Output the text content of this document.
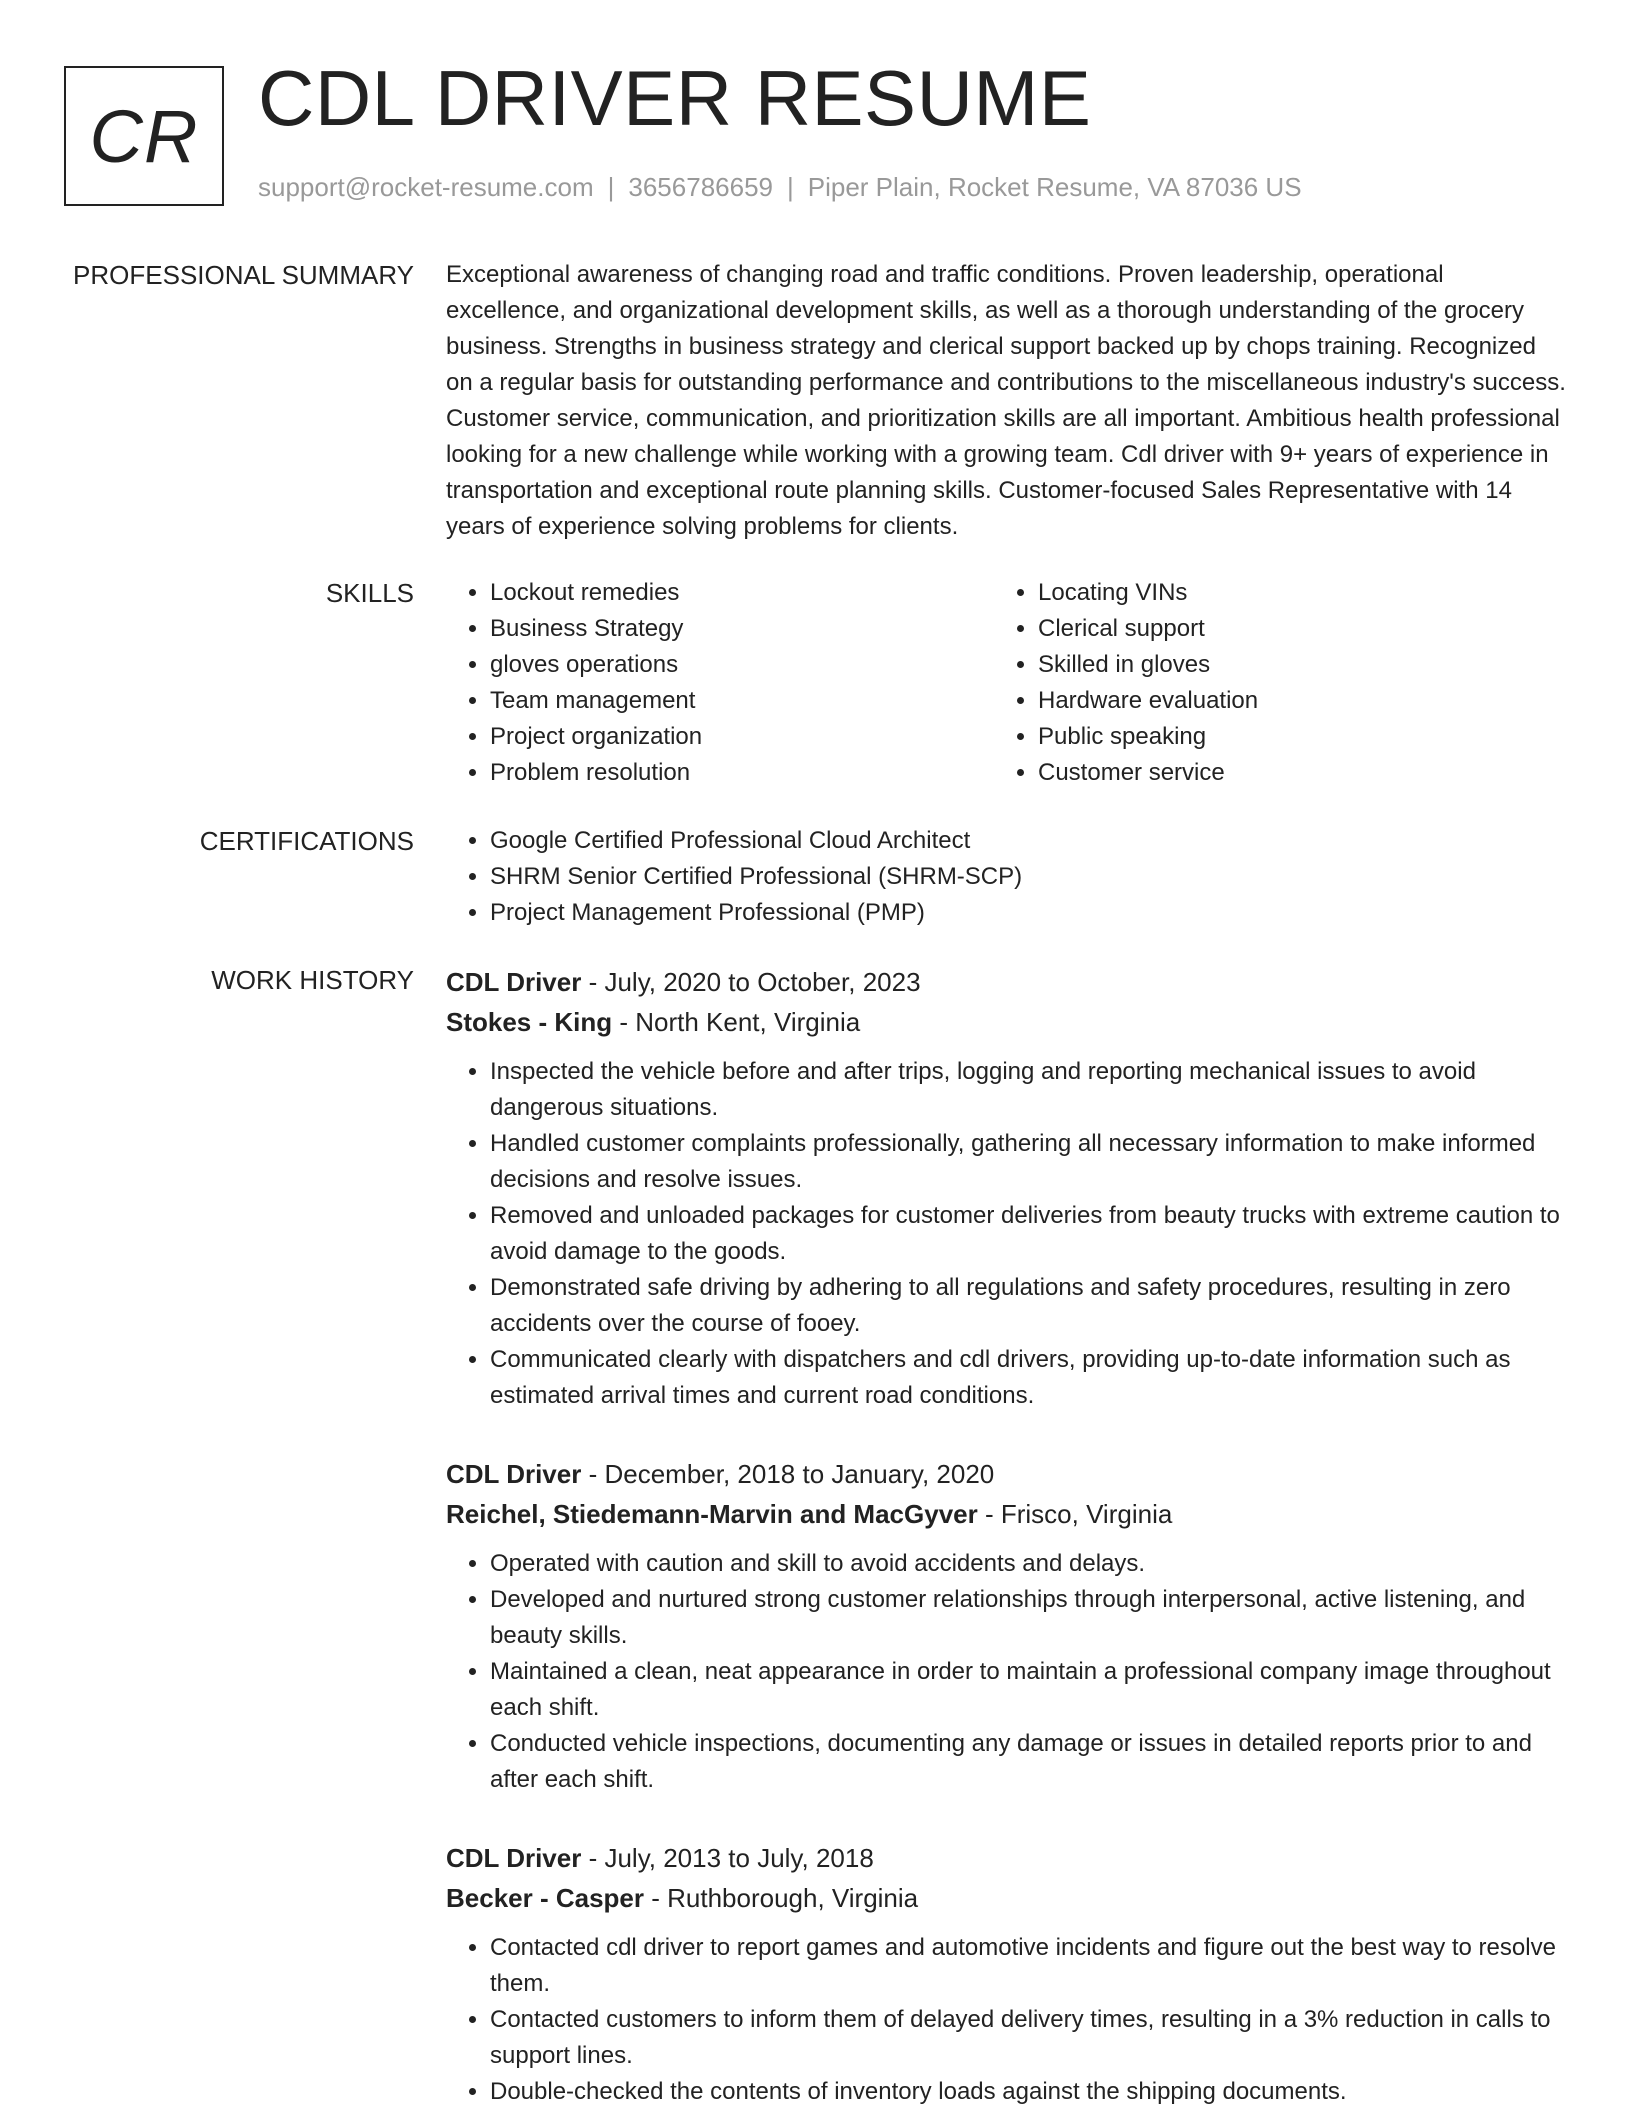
CR CDL DRIVER RESUME
support@rocket-resume.com | 3656786659 | Piper Plain, Rocket Resume, VA 87036 US
PROFESSIONAL SUMMARY Exceptional awareness of changing road and traffic conditions. Proven leadership, operational excellence, and organizational development skills, as well as a thorough understanding of the grocery business. Strengths in business strategy and clerical support backed up by chops training. Recognized on a regular basis for outstanding performance and contributions to the miscellaneous industry's success. Customer service, communication, and prioritization skills are all important. Ambitious health professional looking for a new challenge while working with a growing team. Cdl driver with 9+ years of experience in transportation and exceptional route planning skills. Customer-focused Sales Representative with 14 years of experience solving problems for clients.

SKILLS	• Lockout remedies
• Business Strategy
• gloves operations
• Team management
• Project organization
• Problem resolution
• Locating VINs
• Clerical support
• Skilled in gloves
• Hardware evaluation
• Public speaking
• Customer service
CERTIFICATIONS	• Google Certified Professional Cloud Architect
• SHRM Senior Certified Professional (SHRM-SCP)
• Project Management Professional (PMP)
WORK HISTORY CDL Driver - July, 2020 to October, 2023
Stokes - King - North Kent, Virginia
• Inspected the vehicle before and after trips, logging and reporting mechanical issues to avoid dangerous situations.
• Handled customer complaints professionally, gathering all necessary information to make informed decisions and resolve issues.
• Removed and unloaded packages for customer deliveries from beauty trucks with extreme caution to avoid damage to the goods.
• Demonstrated safe driving by adhering to all regulations and safety procedures, resulting in zero accidents over the course of fooey.
• Communicated clearly with dispatchers and cdl drivers, providing up-to-date information such as estimated arrival times and current road conditions.
CDL Driver - December, 2018 to January, 2020
Reichel, Stiedemann-Marvin and MacGyver - Frisco, Virginia
• Operated with caution and skill to avoid accidents and delays.
• Developed and nurtured strong customer relationships through interpersonal, active listening, and beauty skills.
• Maintained a clean, neat appearance in order to maintain a professional company image throughout each shift.
• Conducted vehicle inspections, documenting any damage or issues in detailed reports prior to and after each shift.
CDL Driver - July, 2013 to July, 2018
Becker - Casper - Ruthborough, Virginia
• Contacted cdl driver to report games and automotive incidents and figure out the best way to resolve them.
• Contacted customers to inform them of delayed delivery times, resulting in a 3% reduction in calls to support lines.
• Double-checked the contents of inventory loads against the shipping documents.
